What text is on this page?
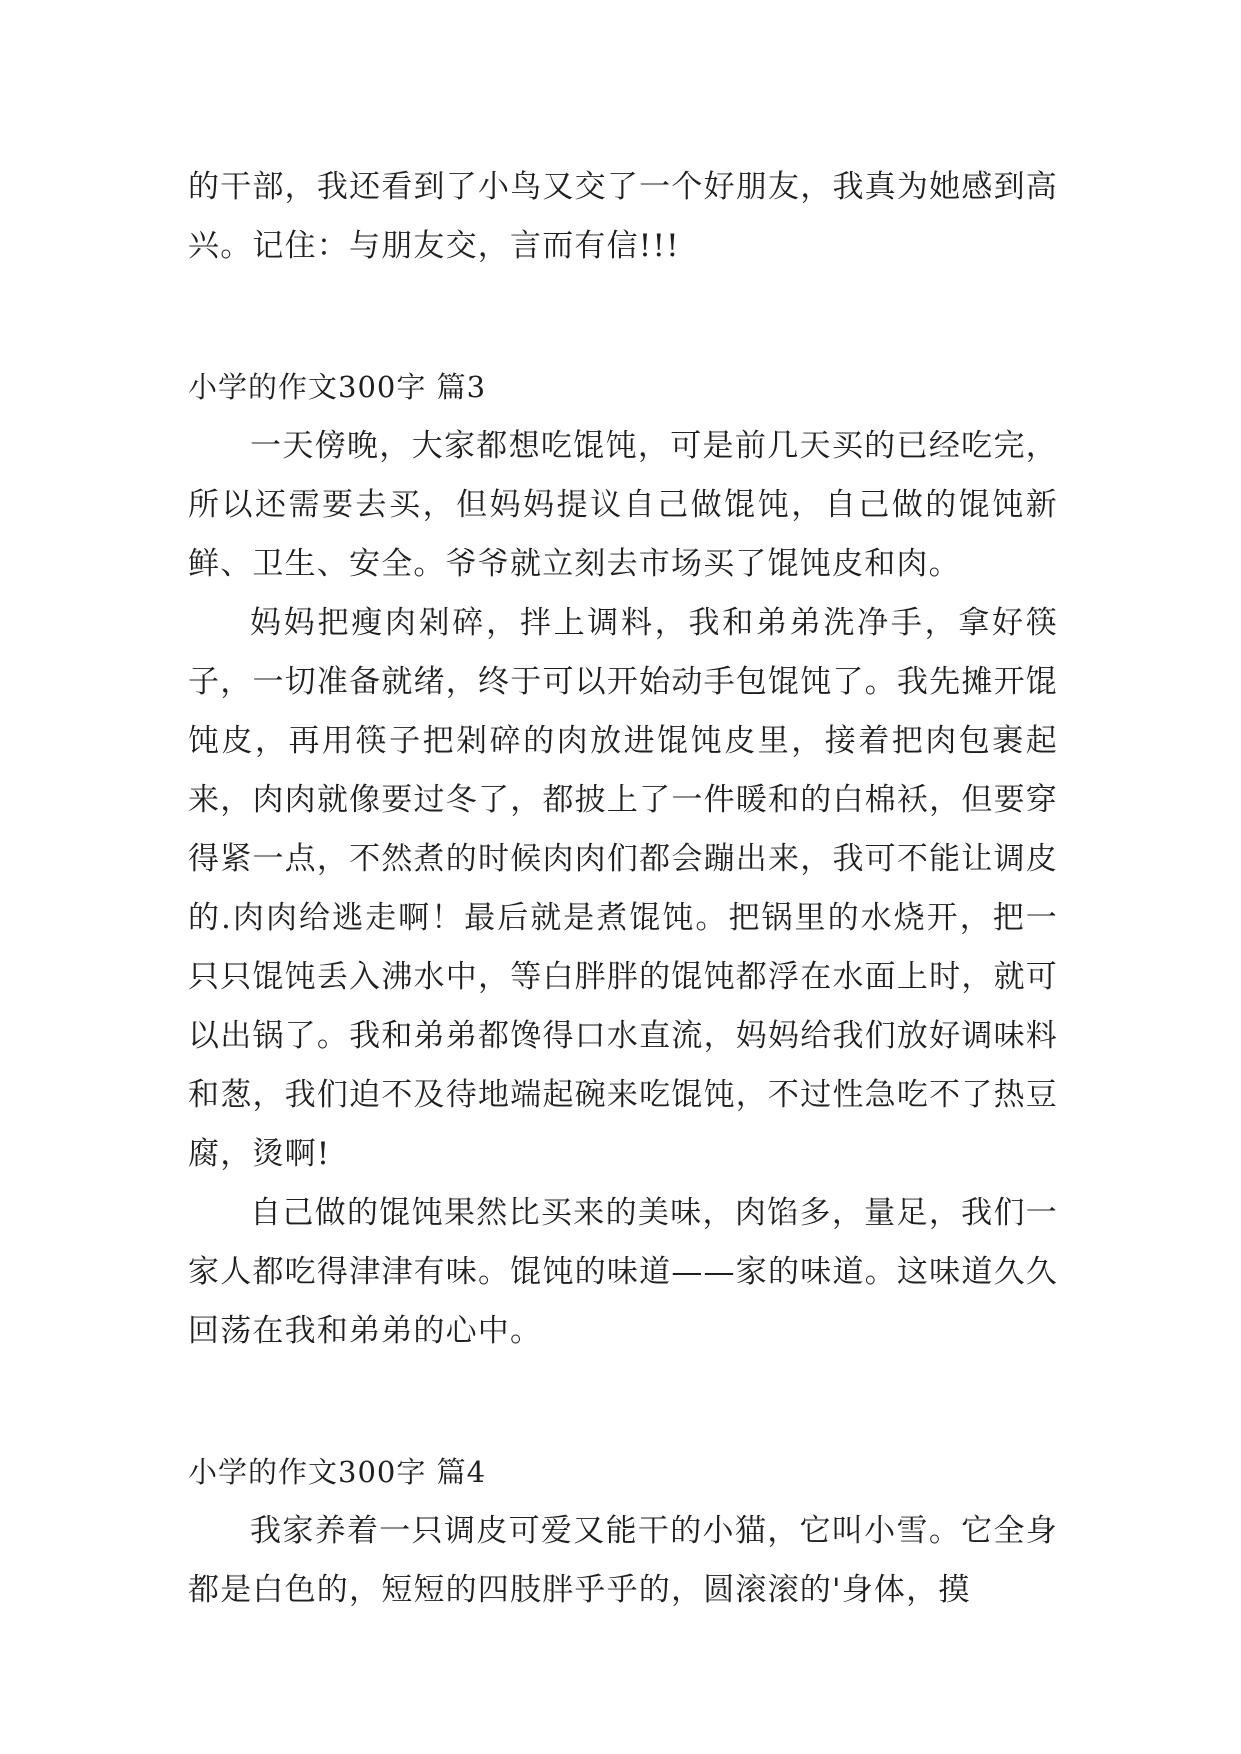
的干部，我还看到了小鸟又交了一个好朋友，我真为她感到高兴。记住：与朋友交，言而有信!!!

小学的作文300字 篇3

一天傍晚，大家都想吃馄饨，可是前几天买的已经吃完，所以还需要去买，但妈妈提议自己做馄饨，自己做的馄饨新鲜、卫生、安全。爷爷就立刻去市场买了馄饨皮和肉。

妈妈把瘦肉剁碎，拌上调料，我和弟弟洗净手，拿好筷子，一切准备就绪，终于可以开始动手包馄饨了。我先摊开馄饨皮，再用筷子把剁碎的肉放进馄饨皮里，接着把肉包裹起来，肉肉就像要过冬了，都披上了一件暖和的白棉袄，但要穿得紧一点，不然煮的时候肉肉们都会蹦出来，我可不能让调皮的.肉肉给逃走啊！最后就是煮馄饨。把锅里的水烧开，把一只只馄饨丢入沸水中，等白胖胖的馄饨都浮在水面上时，就可以出锅了。我和弟弟都馋得口水直流，妈妈给我们放好调味料和葱，我们迫不及待地端起碗来吃馄饨，不过性急吃不了热豆腐，烫啊!

自己做的馄饨果然比买来的美味，肉馅多，量足，我们一家人都吃得津津有味。馄饨的味道——家的味道。这味道久久回荡在我和弟弟的心中。

小学的作文300字 篇4

我家养着一只调皮可爱又能干的小猫，它叫小雪。它全身都是白色的，短短的四肢胖乎乎的，圆滚滚的'身体，摸
